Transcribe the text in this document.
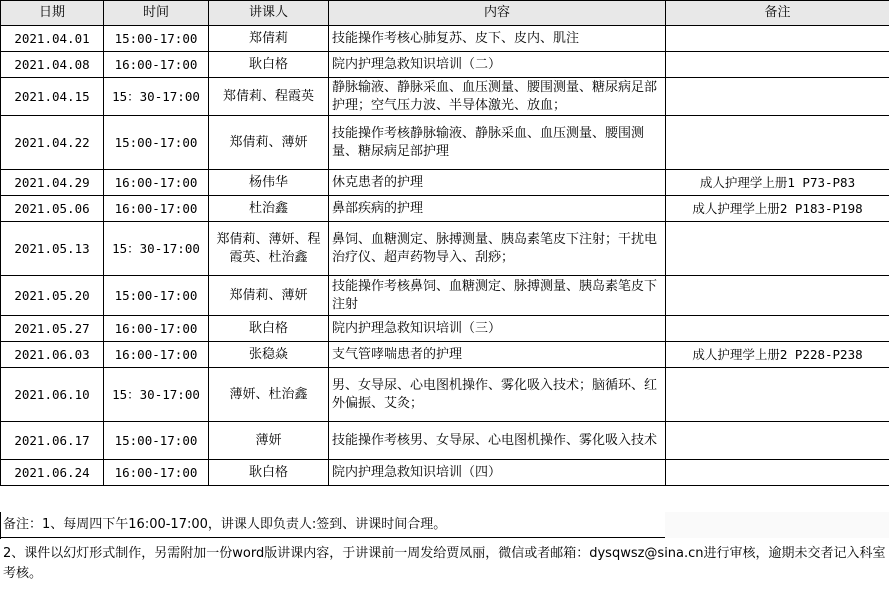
日期	时间	讲课人	内容	备注
2021.04.01	15:00-17:00	郑倩莉	技能操作考核心肺复苏、皮下、皮内、肌注	
2021.04.08	16:00-17:00	耿白格	院内护理急救知识培训（二）	
2021.04.15	15：30-17:00	郑倩莉、程霞英	静脉输液、静脉采血、血压测量、腰围测量、糖尿病足部护理；空气压力波、半导体激光、放血；	
2021.04.22	15:00-17:00	郑倩莉、薄妍	技能操作考核静脉输液、静脉采血、血压测量、腰围测量、糖尿病足部护理	
2021.04.29	16:00-17:00	杨伟华	休克患者的护理	成人护理学上册1 P73-P83
2021.05.06	16:00-17:00	杜治鑫	鼻部疾病的护理	成人护理学上册2 P183-P198
2021.05.13	15：30-17:00	郑倩莉、薄妍、程霞英、杜治鑫	鼻饲、血糖测定、脉搏测量、胰岛素笔皮下注射；干扰电治疗仪、超声药物导入、刮痧；	
2021.05.20	15:00-17:00	郑倩莉、薄妍	技能操作考核鼻饲、血糖测定、脉搏测量、胰岛素笔皮下注射	
2021.05.27	16:00-17:00	耿白格	院内护理急救知识培训（三）	
2021.06.03	16:00-17:00	张稳焱	支气管哮喘患者的护理	成人护理学上册2 P228-P238
2021.06.10	15：30-17:00	薄妍、杜治鑫	男、女导尿、心电图机操作、雾化吸入技术；脑循环、红外偏振、艾灸；	
2021.06.17	15:00-17:00	薄妍	技能操作考核男、女导尿、心电图机操作、雾化吸入技术	
2021.06.24	16:00-17:00	耿白格	院内护理急救知识培训（四）	
备注：1、每周四下午16:00-17:00，讲课人即负责人:签到、讲课时间合理。
2、课件以幻灯形式制作，另需附加一份word版讲课内容，于讲课前一周发给贾凤丽，微信或者邮箱：dysqwsz@sina.cn进行审核，逾期未交者记入科室考核。
